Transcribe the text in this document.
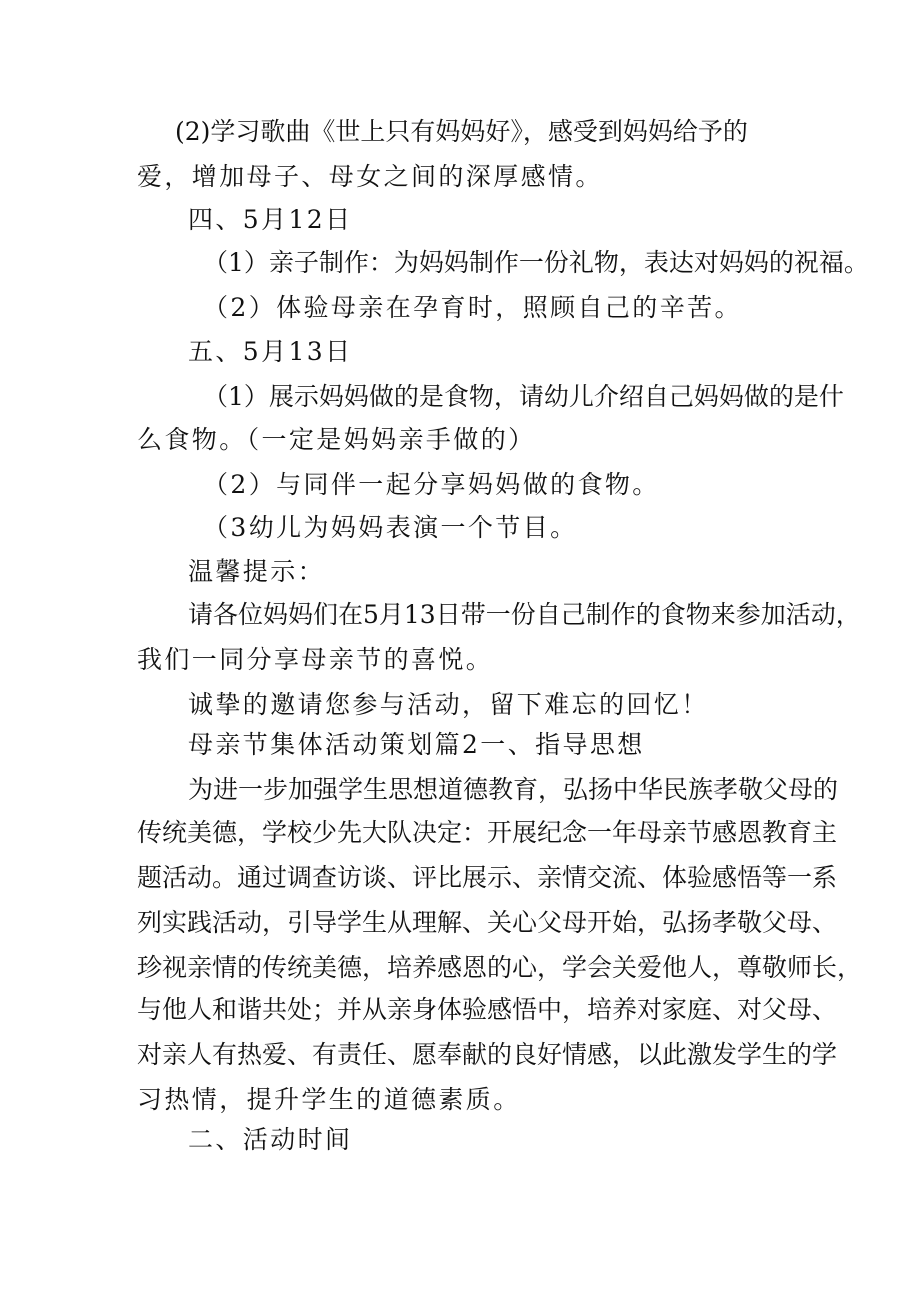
(2)学习歌曲《世上只有妈妈好》，感受到妈妈给予的
爱，增加母子、母女之间的深厚感情。
四、5月12日
（1）亲子制作：为妈妈制作一份礼物，表达对妈妈的祝福。
（2）体验母亲在孕育时，照顾自己的辛苦。
五、5月13日
（1）展示妈妈做的是食物，请幼儿介绍自己妈妈做的是什
么食物。（一定是妈妈亲手做的）
（2）与同伴一起分享妈妈做的食物。
（3幼儿为妈妈表演一个节目。
温馨提示：
请各位妈妈们在5月13日带一份自己制作的食物来参加活动，
我们一同分享母亲节的喜悦。
诚挚的邀请您参与活动，留下难忘的回忆！
母亲节集体活动策划篇2一、指导思想
为进一步加强学生思想道德教育，弘扬中华民族孝敬父母的
传统美德，学校少先大队决定：开展纪念一年母亲节感恩教育主
题活动。通过调查访谈、评比展示、亲情交流、体验感悟等一系
列实践活动，引导学生从理解、关心父母开始，弘扬孝敬父母、
珍视亲情的传统美德，培养感恩的心，学会关爱他人，尊敬师长，
与他人和谐共处；并从亲身体验感悟中，培养对家庭、对父母、
对亲人有热爱、有责任、愿奉献的良好情感，以此激发学生的学
习热情，提升学生的道德素质。
二、活动时间
